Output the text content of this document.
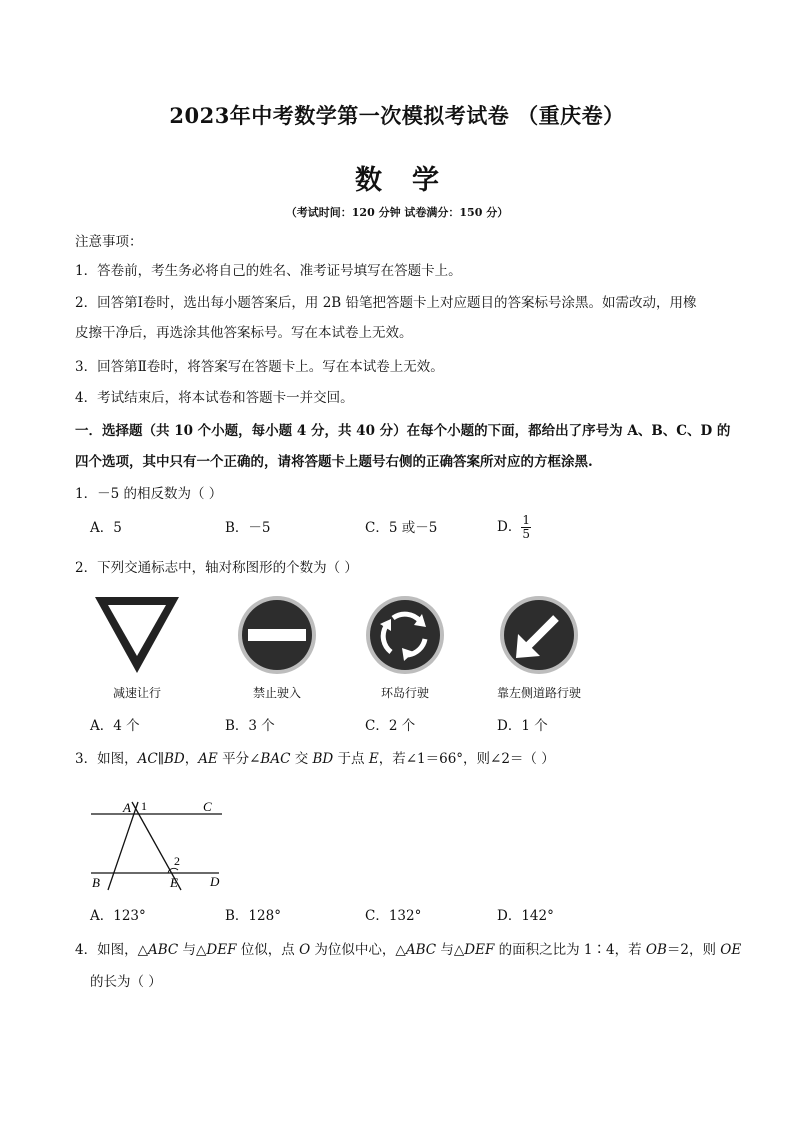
2023年中考数学第一次模拟考试卷 （重庆卷）
数学
（考试时间：120 分钟 试卷满分：150 分）
注意事项：
1．答卷前，考生务必将自己的姓名、准考证号填写在答题卡上。
2．回答第Ⅰ卷时，选出每小题答案后，用 2B 铅笔把答题卡上对应题目的答案标号涂黑。如需改动，用橡
皮擦干净后，再选涂其他答案标号。写在本试卷上无效。
3．回答第Ⅱ卷时，将答案写在答题卡上。写在本试卷上无效。
4．考试结束后，将本试卷和答题卡一并交回。
一．选择题（共 10 个小题，每小题 4 分，共 40 分）在每个小题的下面，都给出了序号为 A、B、C、D 的
四个选项，其中只有一个正确的，请将答题卡上题号右侧的正确答案所对应的方框涂黑.
1．－5 的相反数为（ ）
A．5	B．－5	C．5 或－5	D． $\frac{1}{5}$
2．下列交通标志中，轴对称图形的个数为（ ）
减速让行	禁止驶入	环岛行驶	靠左侧道路行驶
A．4 个	B．3 个	C．2 个	D．1 个
3．如图，AC∥BD，AE 平分∠BAC 交 BD 于点 E，若∠1＝66°，则∠2＝（ ）
A 1	C
2
B	E D
A．123°	B．128°	C．132°	D．142°
4．如图，△ABC 与△DEF 位似，点 O 为位似中心，△ABC 与△DEF 的面积之比为 1∶4，若 OB＝2，则 OE
的长为（ ）
